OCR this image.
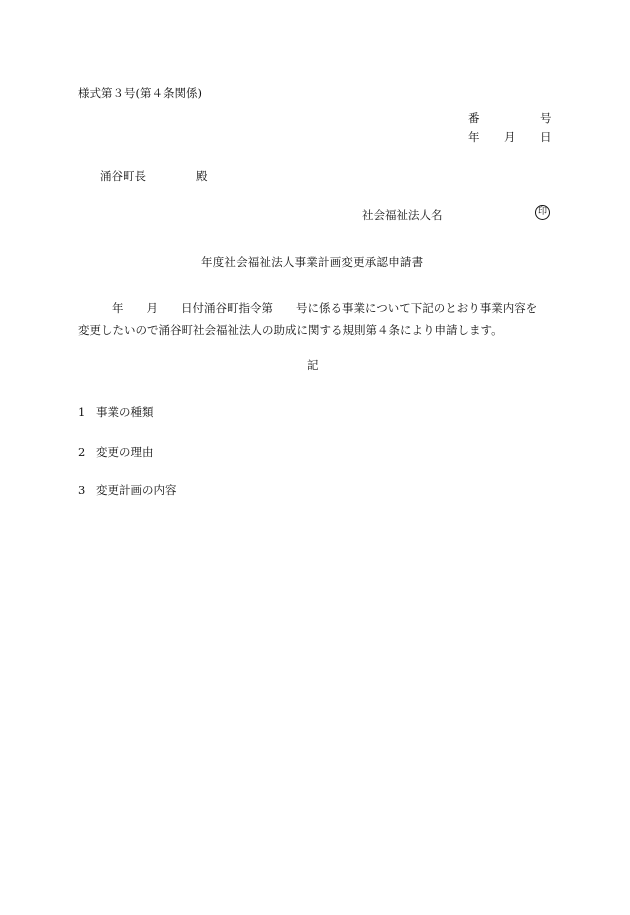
様式第３号(第４条関係)
番	号
年 月 日
涌谷町長	殿
社会福祉法人名	印
年度社会福祉法人事業計画変更承認申請書
年 月 日付涌谷町指令第 号に係る事業について下記のとおり事業内容を
変更したいので涌谷町社会福祉法人の助成に関する規則第４条により申請します。
記
1 事業の種類
2 変更の理由
3 変更計画の内容
